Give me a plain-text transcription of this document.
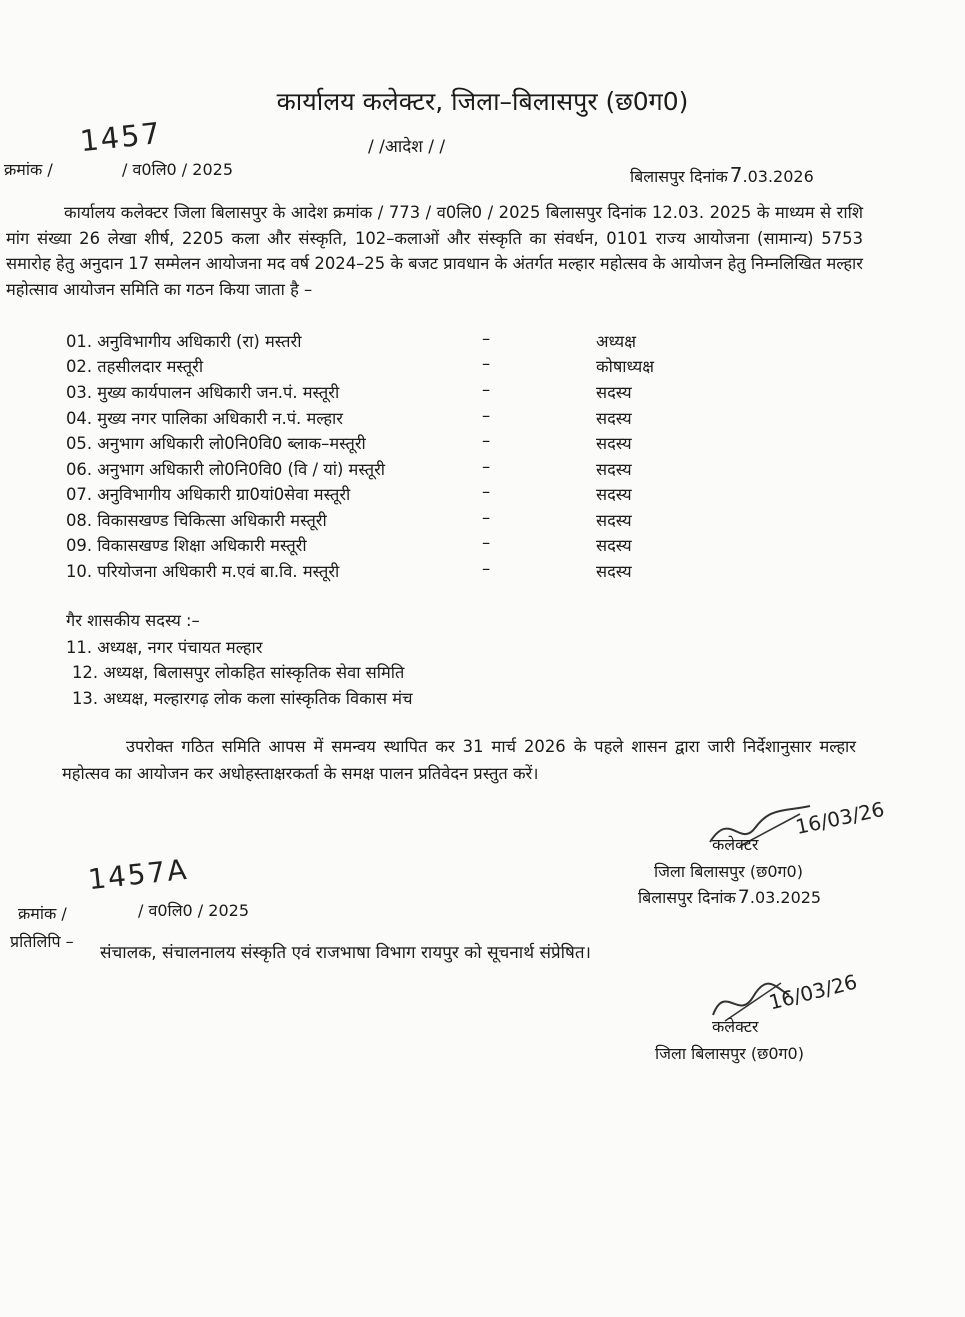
कार्यालय कलेक्टर, जिला–बिलासपुर (छ0ग0)
1457	/ /आदेश / /
क्रमांक /	/ व0लि0 / 2025	बिलासपुर दिनांक 7.03.2026

कार्यालय कलेक्टर जिला बिलासपुर के आदेश क्रमांक / 773 / व0लि0 / 2025 बिलासपुर दिनांक 12.03. 2025 के माध्यम से राशि मांग संख्या 26 लेखा शीर्ष, 2205 कला और संस्कृति, 102–कलाओं और संस्कृति का संवर्धन, 0101 राज्य आयोजना (सामान्य) 5753 समारोह हेतु अनुदान 17 सम्मेलन आयोजना मद वर्ष 2024–25 के बजट प्रावधान के अंतर्गत मल्हार महोत्सव के आयोजन हेतु निम्नलिखित मल्हार महोत्साव आयोजन समिति का गठन किया जाता है –

01. अनुविभागीय अधिकारी (रा) मस्तरी	–	अध्यक्ष
02. तहसीलदार मस्तूरी	–	कोषाध्यक्ष
03. मुख्य कार्यपालन अधिकारी जन.पं. मस्तूरी	–	सदस्य
04. मुख्य नगर पालिका अधिकारी न.पं. मल्हार	–	सदस्य
05. अनुभाग अधिकारी लो0नि0वि0 ब्लाक–मस्तूरी	–	सदस्य
06. अनुभाग अधिकारी लो0नि0वि0 (वि / यां) मस्तूरी	–	सदस्य
07. अनुविभागीय अधिकारी ग्रा0यां0सेवा मस्तूरी	–	सदस्य
08. विकासखण्ड चिकित्सा अधिकारी मस्तूरी	–	सदस्य
09. विकासखण्ड शिक्षा अधिकारी मस्तूरी	–	सदस्य
10. परियोजना अधिकारी म.एवं बा.वि. मस्तूरी	–	सदस्य
गैर शासकीय सदस्य :–
11. अध्यक्ष, नगर पंचायत मल्हार
12. अध्यक्ष, बिलासपुर लोकहित सांस्कृतिक सेवा समिति
13. अध्यक्ष, मल्हारगढ़ लोक कला सांस्कृतिक विकास मंच

उपरोक्त गठित समिति आपस में समन्वय स्थापित कर 31 मार्च 2026 के पहले शासन द्वारा जारी निर्देशानुसार मल्हार महोत्सव का आयोजन कर अधोहस्ताक्षरकर्ता के समक्ष पालन प्रतिवेदन प्रस्तुत करें।

16/03/26
कलेक्टर
जिला बिलासपुर (छ0ग0)
बिलासपुर दिनांक 7.03.2025
1457A
क्रमांक /	/ व0लि0 / 2025
प्रतिलिपि –
संचालक, संचालनालय संस्कृति एवं राजभाषा विभाग रायपुर को सूचनार्थ संप्रेषित।
16/03/26
कलेक्टर
जिला बिलासपुर (छ0ग0)
